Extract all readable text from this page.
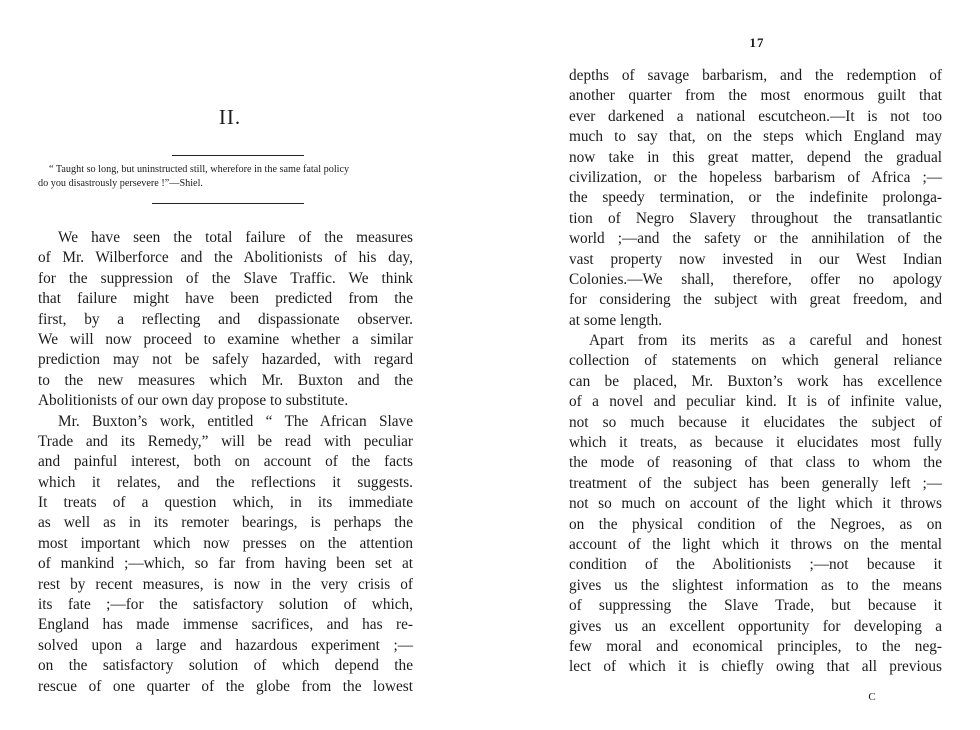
II.

“ Taught so long, but uninstructed still, wherefore in the same fatal policy
do you disastrously persevere !”—Shiel.

We have seen the total failure of the measures
of Mr. Wilberforce and the Abolitionists of his day,
for the suppression of the Slave Traffic. We think
that failure might have been predicted from the
first, by a reflecting and dispassionate observer.
We will now proceed to examine whether a similar
prediction may not be safely hazarded, with regard
to the new measures which Mr. Buxton and the
Abolitionists of our own day propose to substitute.
Mr. Buxton’s work, entitled “ The African Slave
Trade and its Remedy,” will be read with peculiar
and painful interest, both on account of the facts
which it relates, and the reflections it suggests.
It treats of a question which, in its immediate
as well as in its remoter bearings, is perhaps the
most important which now presses on the attention
of mankind ;—which, so far from having been set at
rest by recent measures, is now in the very crisis of
its fate ;—for the satisfactory solution of which,
England has made immense sacrifices, and has re-
solved upon a large and hazardous experiment ;—
on the satisfactory solution of which depend the
rescue of one quarter of the globe from the lowest
17
depths of savage barbarism, and the redemption of
another quarter from the most enormous guilt that
ever darkened a national escutcheon.—It is not too
much to say that, on the steps which England may
now take in this great matter, depend the gradual
civilization, or the hopeless barbarism of Africa ;—
the speedy termination, or the indefinite prolonga-
tion of Negro Slavery throughout the transatlantic
world ;—and the safety or the annihilation of the
vast property now invested in our West Indian
Colonies.—We shall, therefore, offer no apology
for considering the subject with great freedom, and
at some length.
Apart from its merits as a careful and honest
collection of statements on which general reliance
can be placed, Mr. Buxton’s work has excellence
of a novel and peculiar kind. It is of infinite value,
not so much because it elucidates the subject of
which it treats, as because it elucidates most fully
the mode of reasoning of that class to whom the
treatment of the subject has been generally left ;—
not so much on account of the light which it throws
on the physical condition of the Negroes, as on
account of the light which it throws on the mental
condition of the Abolitionists ;—not because it
gives us the slightest information as to the means
of suppressing the Slave Trade, but because it
gives us an excellent opportunity for developing a
few moral and economical principles, to the neg-
lect of which it is chiefly owing that all previous
C
